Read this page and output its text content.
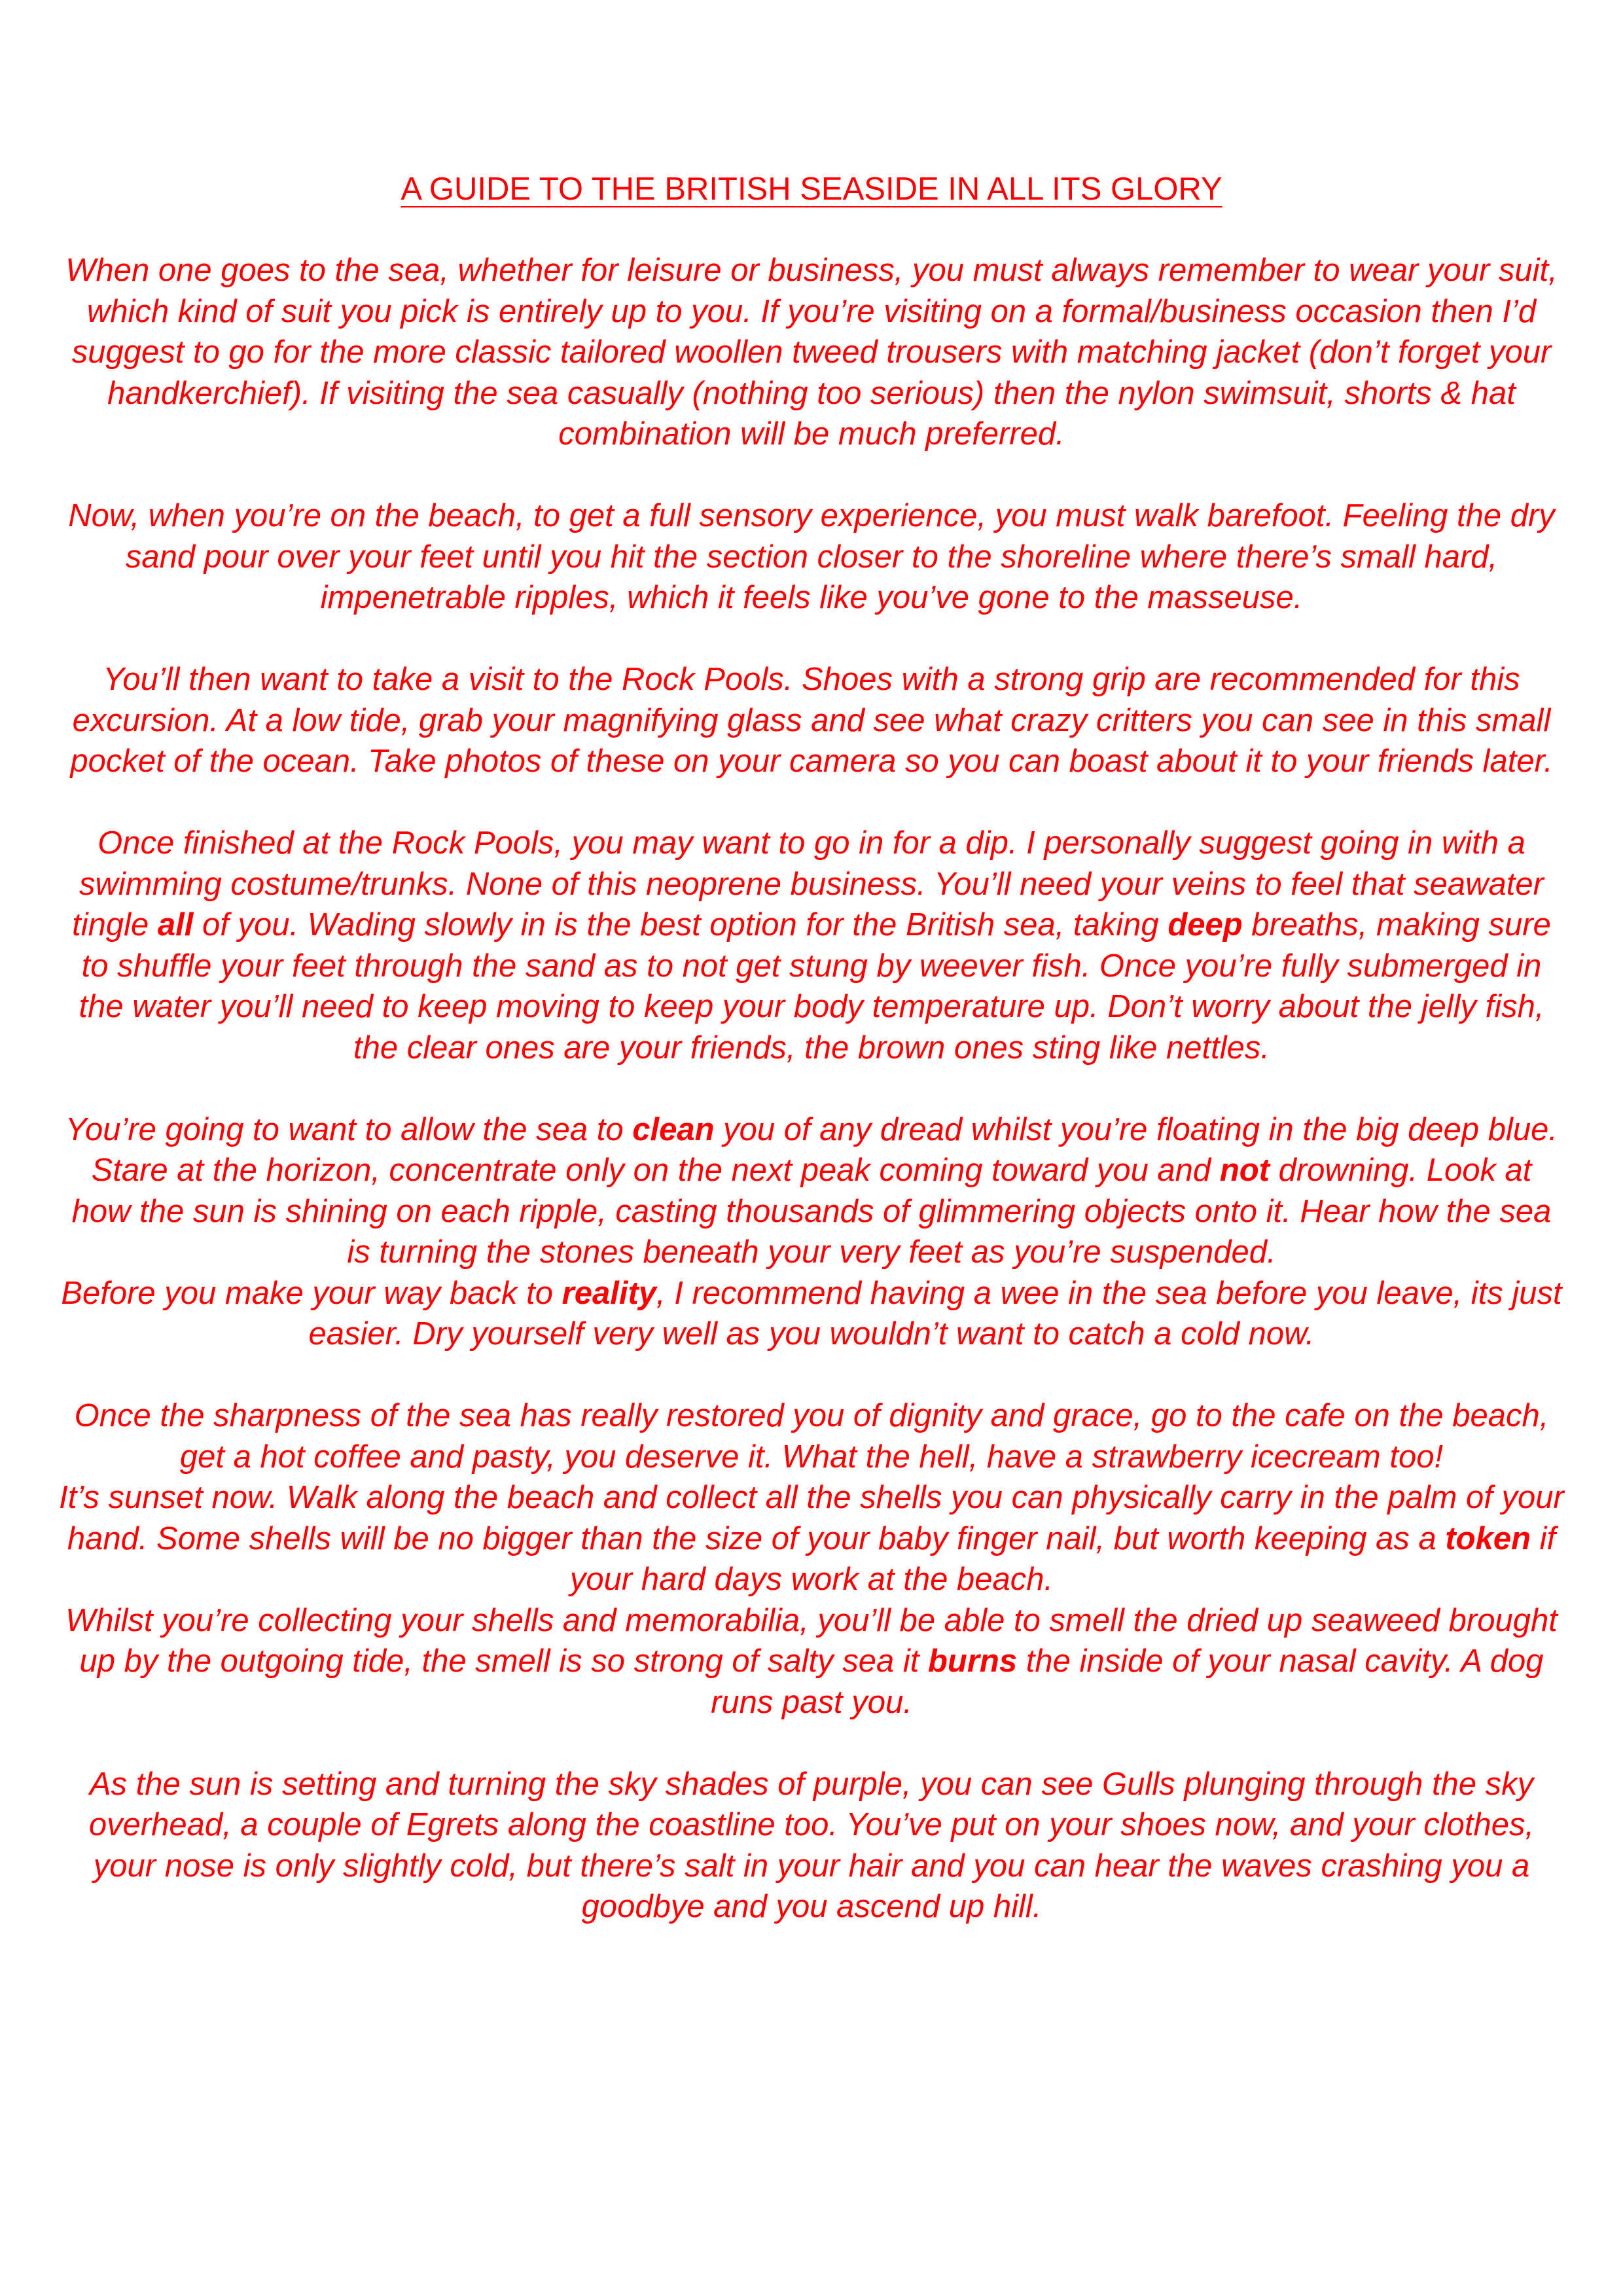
A GUIDE TO THE BRITISH SEASIDE IN ALL ITS GLORY

When one goes to the sea, whether for leisure or business, you must always remember to wear your suit, which kind of suit you pick is entirely up to you. If you’re visiting on a formal/business occasion then I’d suggest to go for the more classic tailored woollen tweed trousers with matching jacket (don’t forget your handkerchief). If visiting the sea casually (nothing too serious) then the nylon swimsuit, shorts & hat combination will be much preferred.

Now, when you’re on the beach, to get a full sensory experience, you must walk barefoot. Feeling the dry sand pour over your feet until you hit the section closer to the shoreline where there’s small hard, impenetrable ripples, which it feels like you’ve gone to the masseuse.

You’ll then want to take a visit to the Rock Pools. Shoes with a strong grip are recommended for this excursion. At a low tide, grab your magnifying glass and see what crazy critters you can see in this small pocket of the ocean. Take photos of these on your camera so you can boast about it to your friends later.

Once finished at the Rock Pools, you may want to go in for a dip. I personally suggest going in with a swimming costume/trunks. None of this neoprene business. You’ll need your veins to feel that seawater tingle all of you. Wading slowly in is the best option for the British sea, taking deep breaths, making sure to shuffle your feet through the sand as to not get stung by weever fish. Once you’re fully submerged in the water you’ll need to keep moving to keep your body temperature up. Don’t worry about the jelly fish, the clear ones are your friends, the brown ones sting like nettles.

You’re going to want to allow the sea to clean you of any dread whilst you’re floating in the big deep blue. Stare at the horizon, concentrate only on the next peak coming toward you and not drowning. Look at how the sun is shining on each ripple, casting thousands of glimmering objects onto it. Hear how the sea is turning the stones beneath your very feet as you’re suspended.

Before you make your way back to reality, I recommend having a wee in the sea before you leave, its just easier. Dry yourself very well as you wouldn’t want to catch a cold now.

Once the sharpness of the sea has really restored you of dignity and grace, go to the cafe on the beach, get a hot coffee and pasty, you deserve it. What the hell, have a strawberry icecream too!

It’s sunset now. Walk along the beach and collect all the shells you can physically carry in the palm of your hand. Some shells will be no bigger than the size of your baby finger nail, but worth keeping as a token if your hard days work at the beach.

Whilst you’re collecting your shells and memorabilia, you’ll be able to smell the dried up seaweed brought up by the outgoing tide, the smell is so strong of salty sea it burns the inside of your nasal cavity. A dog runs past you.

As the sun is setting and turning the sky shades of purple, you can see Gulls plunging through the sky overhead, a couple of Egrets along the coastline too. You’ve put on your shoes now, and your clothes, your nose is only slightly cold, but there’s salt in your hair and you can hear the waves crashing you a goodbye and you ascend up hill.
